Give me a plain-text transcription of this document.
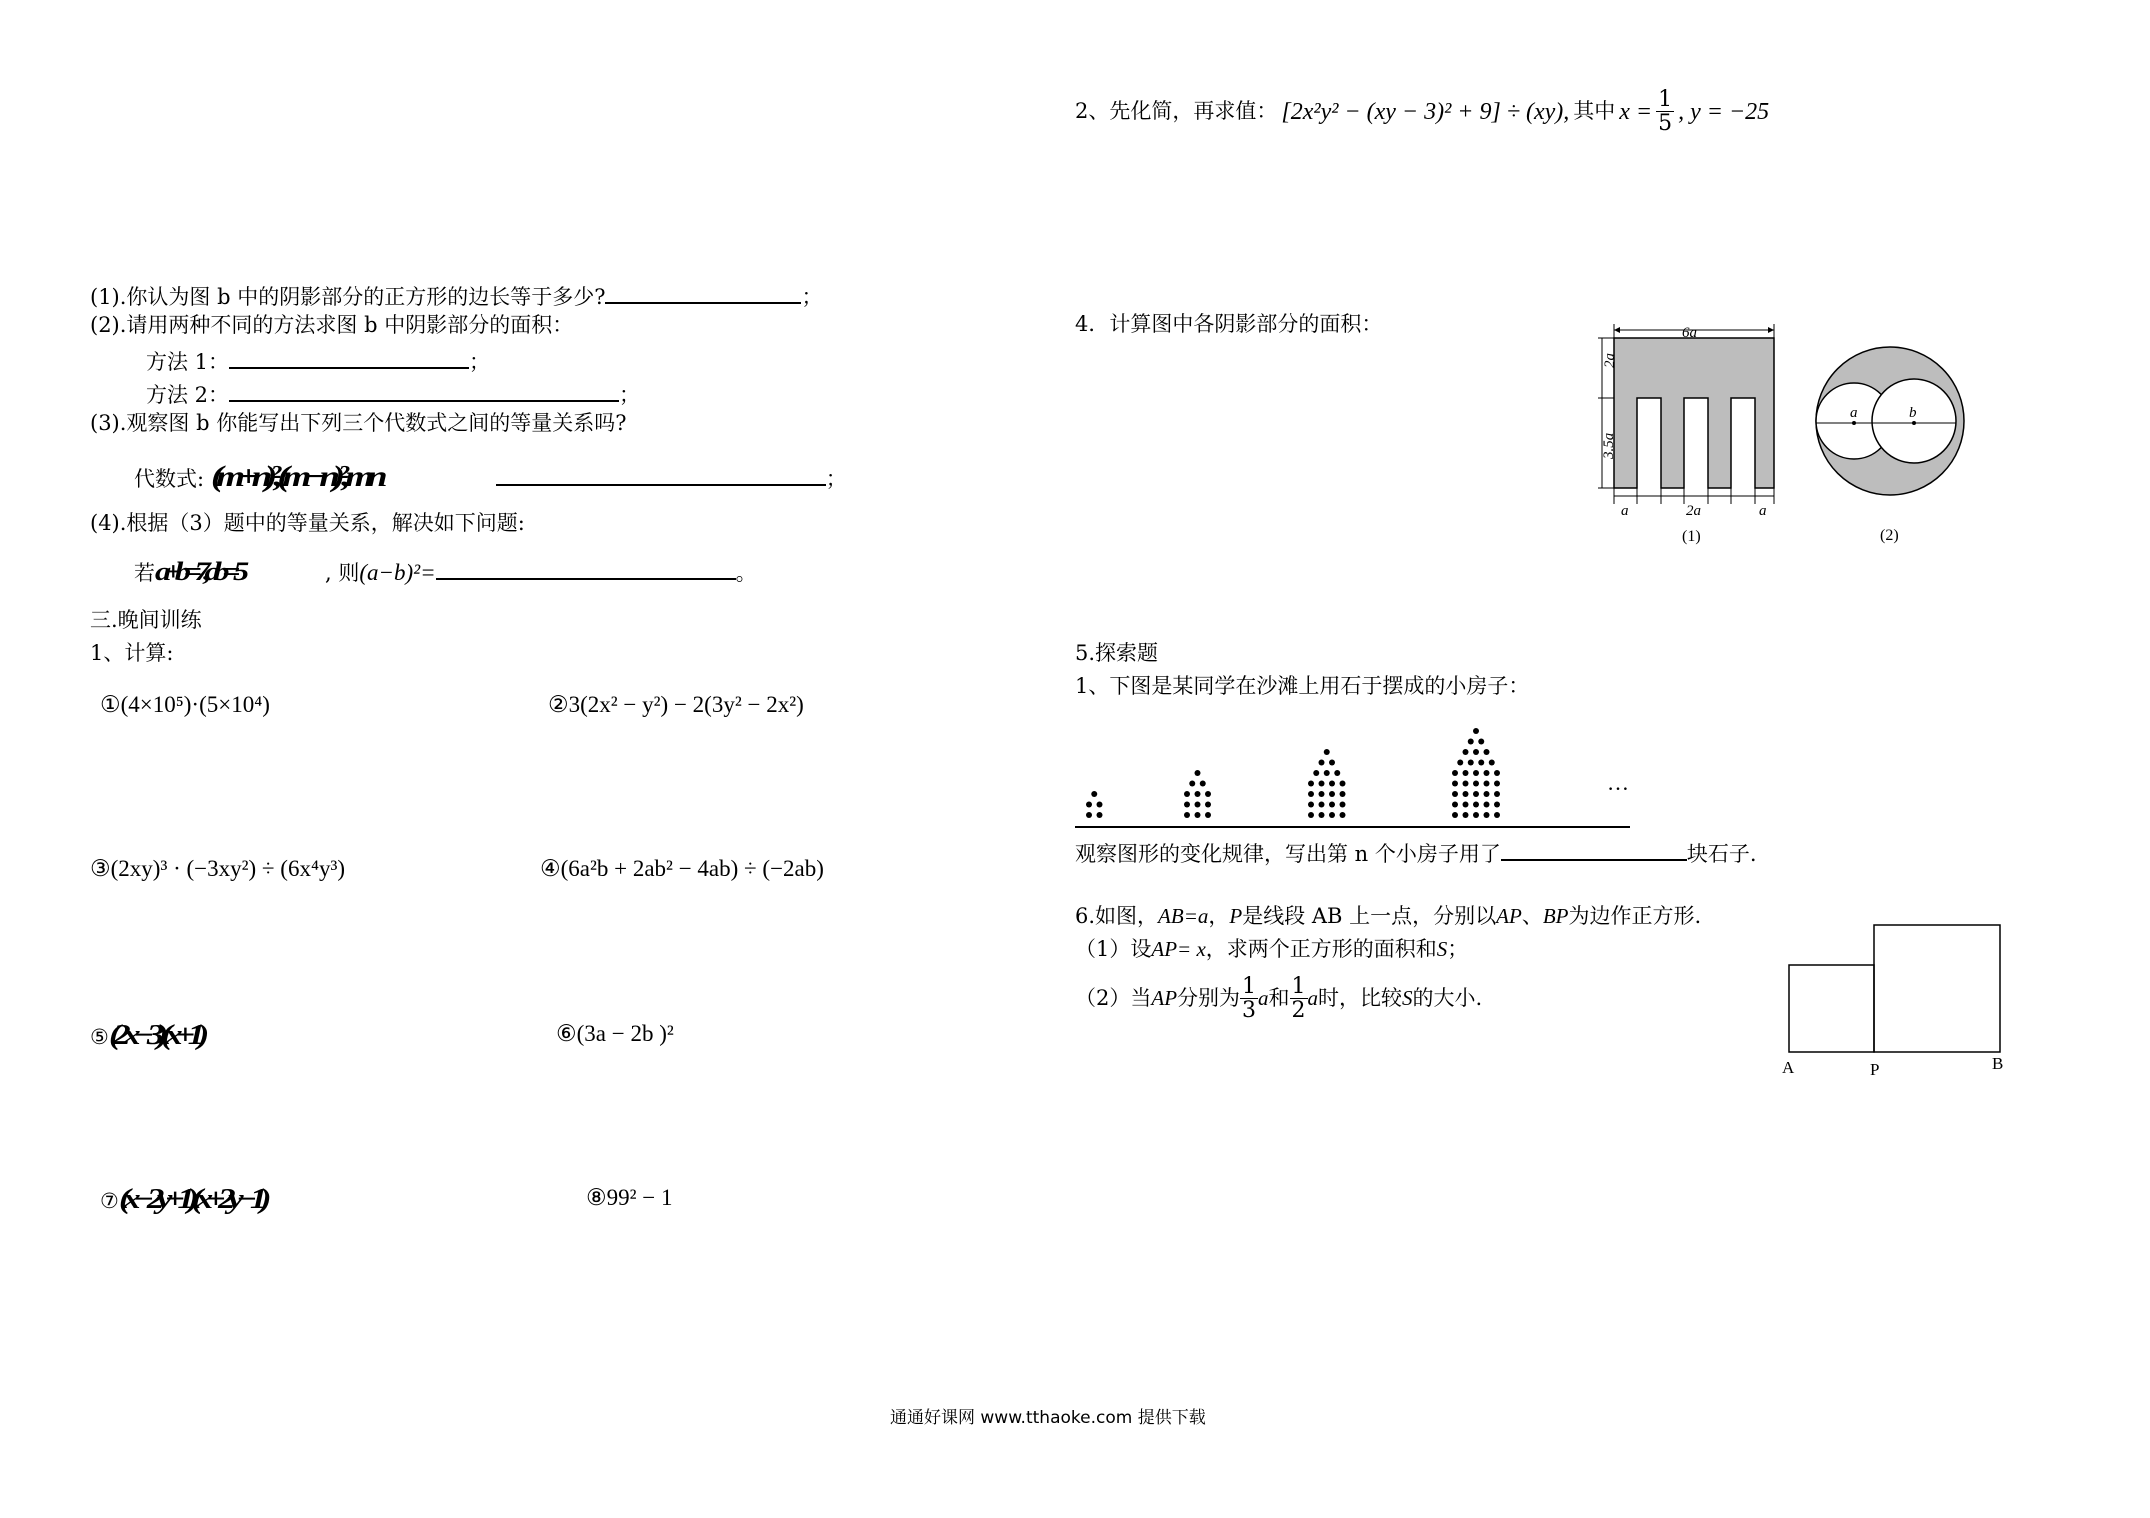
(1).你认为图 b 中的阴影部分的正方形的边长等于多少?	；
(2).请用两种不同的方法求图 b 中阴影部分的面积：
方法 1：	；
方法 2：	；
(3).观察图 b 你能写出下列三个代数式之间的等量关系吗?
代数式: (m+n)², (m−n)², mn	；
(4).根据（3）题中的等量关系，解决如下问题:
若a+b=7, ab=5	, 则(a−b)²=	。
三.晚间训练
1、计算:
①(4×10⁵)·(5×10⁴)	②3(2x² − y²) − 2(3y² − 2x²)
③(2xy)³ · (−3xy²) ÷ (6x⁴y³)	④(6a²b + 2ab² − 4ab) ÷ (−2ab)
⑤(2x−3)(x+1)	⑥(3a − 2b )²
⑦(x−2y+1)(x+2y−1)	⑧99² − 1
2、先化简，再求值： [2x²y² − (xy − 3)² + 9] ÷ (xy), 其中 $x = \frac{1}{5}$ , y = −25
4．计算图中各阴影部分的面积：	6a
2a
3.5a
a	2a	a
(1)
a	b
(2)
5.探索题
1、下图是某同学在沙滩上用石于摆成的小房子：
…
观察图形的变化规律，写出第 n 个小房子用了	块石子.
6.如图，AB=a，P是线段 AB 上一点，分别以AP、BP为边作正方形.
（1）设AP= x，求两个正方形的面积和S；
（2）当 AP 分别为 $\frac{1}{3}$ a 和 $\frac{1}{2}$ a 时，比较 S 的大小.
A	P	B
通通好课网 www.tthaoke.com 提供下载
